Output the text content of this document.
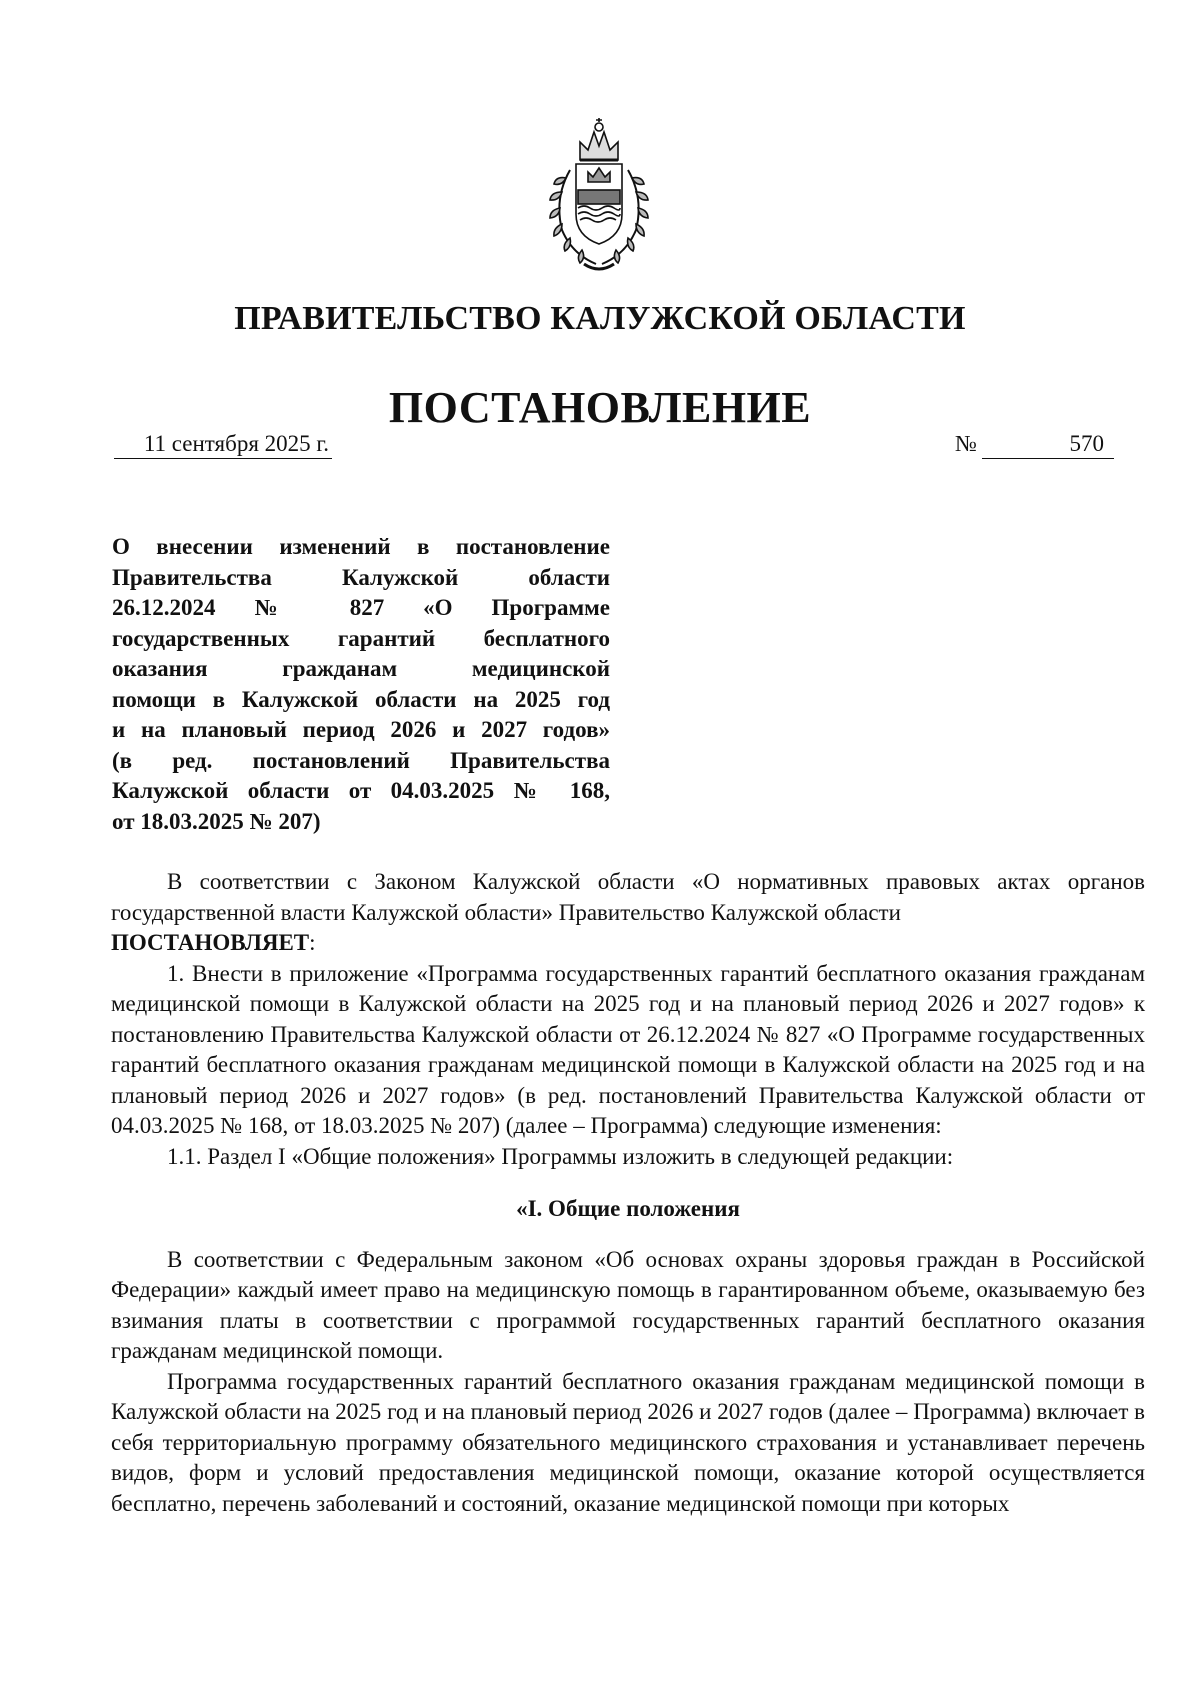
ПРАВИТЕЛЬСТВО КАЛУЖСКОЙ ОБЛАСТИ
ПОСТАНОВЛЕНИЕ
11 сентября 2025 г.	№	570
О внесении изменений в постановление
Правительства Калужской области
26.12.2024 № 827 «О Программе
государственных гарантий бесплатного
оказания гражданам медицинской
помощи в Калужской области на 2025 год
и на плановый период 2026 и 2027 годов»
(в ред. постановлений Правительства
Калужской области от 04.03.2025 № 168,
от 18.03.2025 № 207)

В соответствии с Законом Калужской области «О нормативных правовых актах органов государственной власти Калужской области» Правительство Калужской области
ПОСТАНОВЛЯЕТ:

1. Внести в приложение «Программа государственных гарантий бесплатного оказания гражданам медицинской помощи в Калужской области на 2025 год и на плановый период 2026 и 2027 годов» к постановлению Правительства Калужской области от 26.12.2024 № 827 «О Программе государственных гарантий бесплатного оказания гражданам медицинской помощи в Калужской области на 2025 год и на плановый период 2026 и 2027 годов» (в ред. постановлений Правительства Калужской области от 04.03.2025 № 168, от 18.03.2025 № 207) (далее – Программа) следующие изменения:

1.1. Раздел I «Общие положения» Программы изложить в следующей редакции:

«I. Общие положения

В соответствии с Федеральным законом «Об основах охраны здоровья граждан в Российской Федерации» каждый имеет право на медицинскую помощь в гарантированном объеме, оказываемую без взимания платы в соответствии с программой государственных гарантий бесплатного оказания гражданам медицинской помощи.

Программа государственных гарантий бесплатного оказания гражданам медицинской помощи в Калужской области на 2025 год и на плановый период 2026 и 2027 годов (далее – Программа) включает в себя территориальную программу обязательного медицинского страхования и устанавливает перечень видов, форм и условий предоставления медицинской помощи, оказание которой осуществляется бесплатно, перечень заболеваний и состояний, оказание медицинской помощи при которых
